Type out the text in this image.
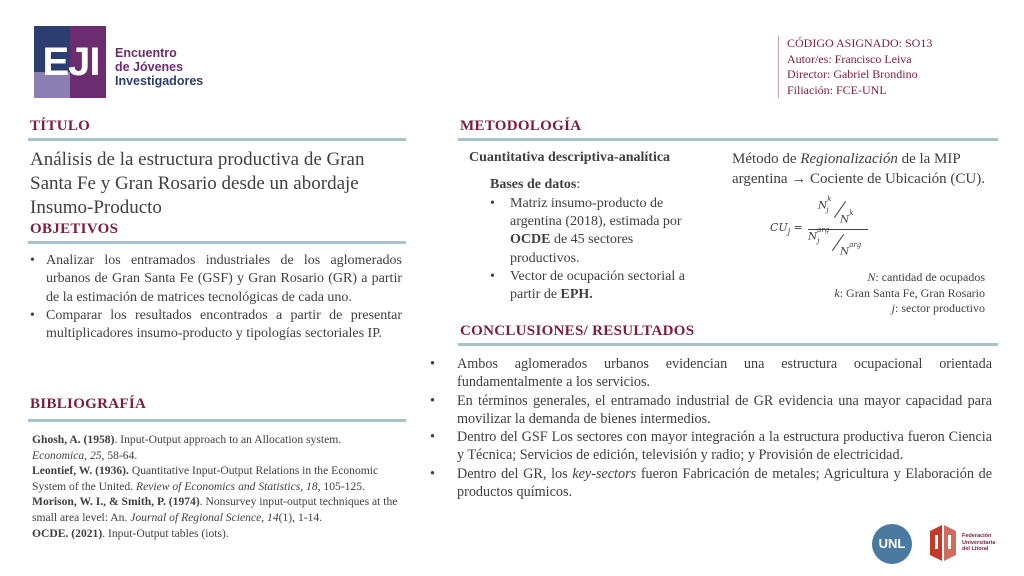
EJI	Encuentro
de Jóvenes
Investigadores
CÓDIGO ASIGNADO: SO13
Autor/es: Francisco Leiva
Director: Gabriel Brondino
Filiación: FCE-UNL
TÍTULO
Análisis de la estructura productiva de Gran Santa Fe y Gran Rosario desde un abordaje Insumo-Producto
OBJETIVOS
• Analizar los entramados industriales de los aglomerados urbanos de Gran Santa Fe (GSF) y Gran Rosario (GR) a partir de la estimación de matrices tecnológicas de cada uno.
• Comparar los resultados encontrados a partir de presentar multiplicadores insumo-producto y tipologías sectoriales IP.
BIBLIOGRAFÍA
Ghosh, A. (1958). Input-Output approach to an Allocation system. Economica, 25, 58-64.
Leontief, W. (1936). Quantitative Input-Output Relations in the Economic System of the United. Review of Economics and Statistics, 18, 105-125.
Morison, W. I., & Smith, P. (1974). Nonsurvey input-output techniques at the small area level: An. Journal of Regional Science, 14(1), 1-14.
OCDE. (2021). Input-Output tables (iots).
METODOLOGÍA
Cuantitativa descriptiva-analítica
Bases de datos:
• Matriz insumo-producto de argentina (2018), estimada por OCDE de 45 sectores productivos.
• Vector de ocupación sectorial a partir de EPH.
Método de Regionalización de la MIP argentina → Cociente de Ubicación (CU).
$CU_j$ =
$N^k_j$
$N^k$
$N^{arg}_j$
$N^{arg}$
N: cantidad de ocupados
k: Gran Santa Fe, Gran Rosario
j: sector productivo
CONCLUSIONES/ RESULTADOS
• Ambos aglomerados urbanos evidencian una estructura ocupacional orientada fundamentalmente a los servicios.
• En términos generales, el entramado industrial de GR evidencia una mayor capacidad para movilizar la demanda de bienes intermedios.
• Dentro del GSF Los sectores con mayor integración a la estructura productiva fueron Ciencia y Técnica; Servicios de edición, televisión y radio; y Provisión de electricidad.
• Dentro del GR, los key-sectors fueron Fabricación de metales; Agricultura y Elaboración de productos químicos.
UNL	Federación
Universitaria
del Litoral
